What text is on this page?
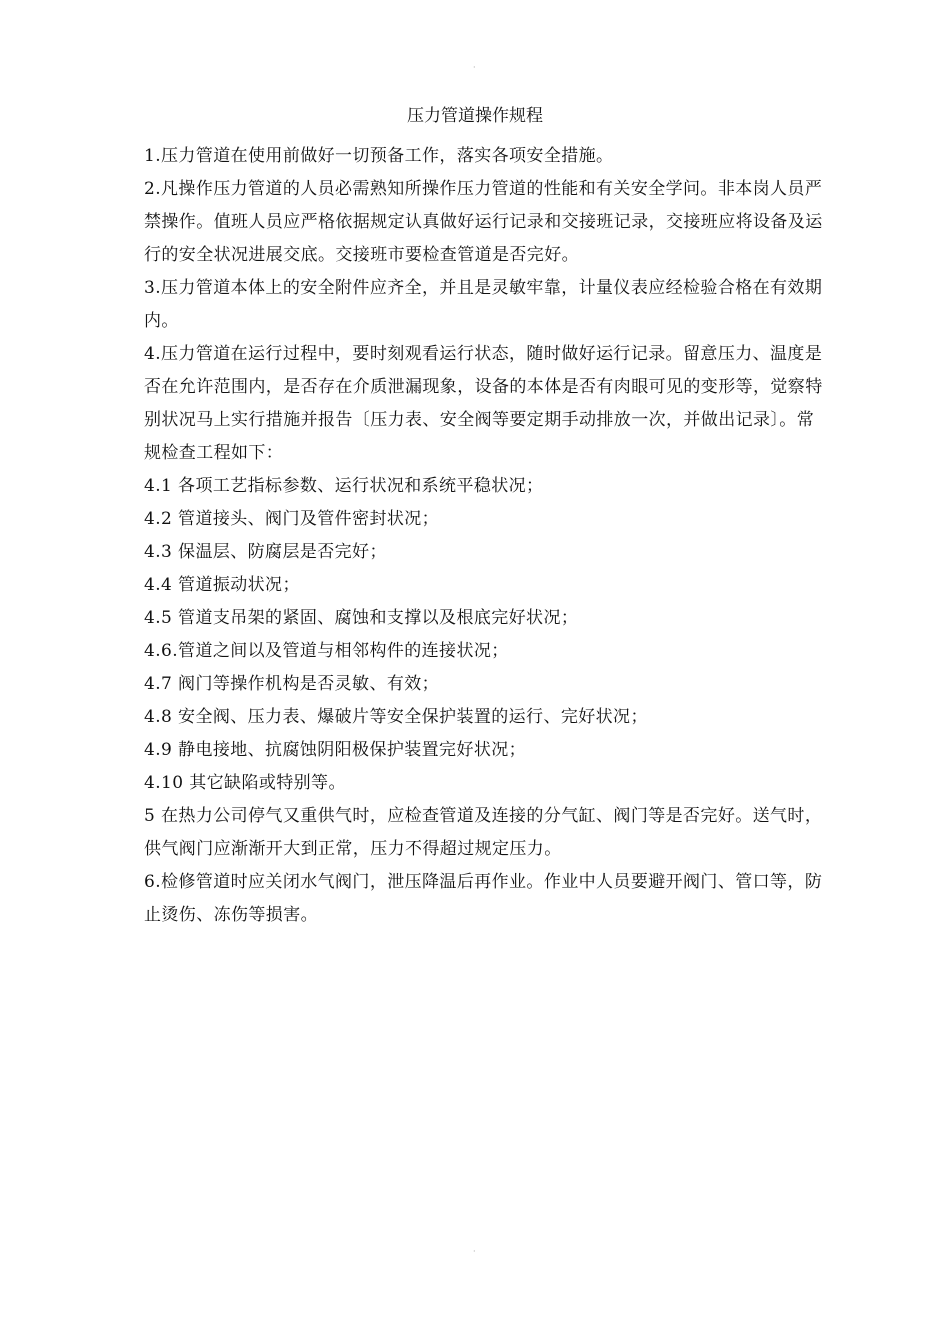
·
压力管道操作规程

1.压力管道在使用前做好一切预备工作，落实各项安全措施。

2.凡操作压力管道的人员必需熟知所操作压力管道的性能和有关安全学问。非本岗人员严禁操作。值班人员应严格依据规定认真做好运行记录和交接班记录，交接班应将设备及运行的安全状况进展交底。交接班市要检查管道是否完好。

3.压力管道本体上的安全附件应齐全，并且是灵敏牢靠，计量仪表应经检验合格在有效期内。

4.压力管道在运行过程中，要时刻观看运行状态，随时做好运行记录。留意压力、温度是否在允许范围内，是否存在介质泄漏现象，设备的本体是否有肉眼可见的变形等，觉察特别状况马上实行措施并报告〔压力表、安全阀等要定期手动排放一次，并做出记录〕。常规检查工程如下：

4.1 各项工艺指标参数、运行状况和系统平稳状况；

4.2 管道接头、阀门及管件密封状况；

4.3 保温层、防腐层是否完好；

4.4 管道振动状况；

4.5 管道支吊架的紧固、腐蚀和支撑以及根底完好状况；

4.6.管道之间以及管道与相邻构件的连接状况；

4.7 阀门等操作机构是否灵敏、有效；

4.8 安全阀、压力表、爆破片等安全保护装置的运行、完好状况；

4.9 静电接地、抗腐蚀阴阳极保护装置完好状况；

4.10 其它缺陷或特别等。

5 在热力公司停气又重供气时，应检查管道及连接的分气缸、阀门等是否完好。送气时，供气阀门应渐渐开大到正常，压力不得超过规定压力。

6.检修管道时应关闭水气阀门，泄压降温后再作业。作业中人员要避开阀门、管口等，防止烫伤、冻伤等损害。

·
